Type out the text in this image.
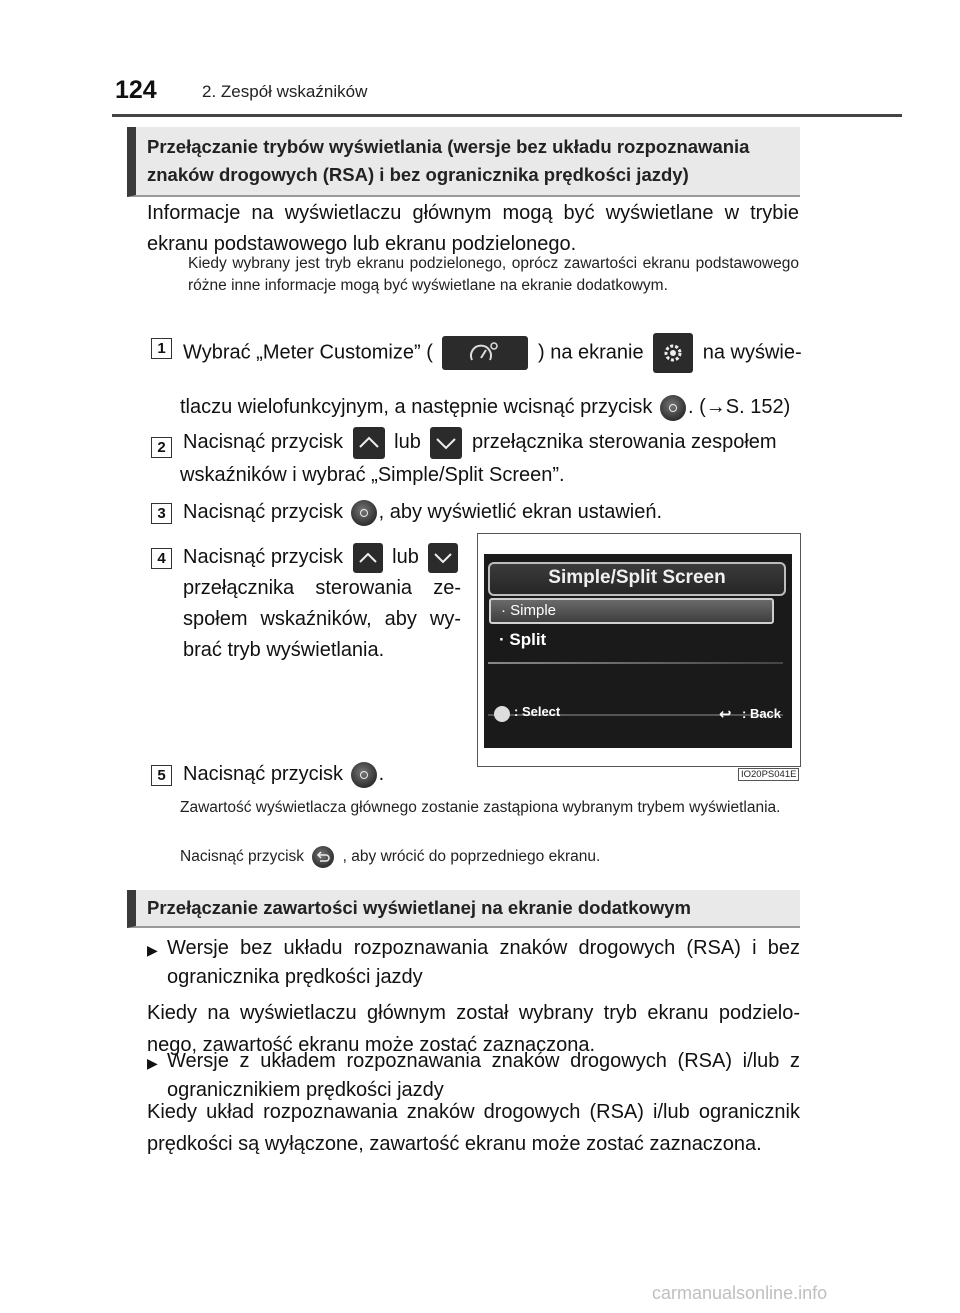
124	2. Zespół wskaźników
Przełączanie trybów wyświetlania (wersje bez układu rozpoznawania znaków drogowych (RSA) i bez ogranicznika prędkości jazdy)
Informacje na wyświetlaczu głównym mogą być wyświetlane w trybie ekranu podstawowego lub ekranu podzielonego.
Kiedy wybrany jest tryb ekranu podzielonego, oprócz zawartości ekranu podstawowego różne inne informacje mogą być wyświetlane na ekranie dodatkowym.
1 Wybrać „Meter Customize” (	) na ekranie	na wyświe-
tlaczu wielofunkcyjnym, a następnie wcisnąć przycisk . (→S. 152)
2 Nacisnąć przycisk	lub	przełącznika sterowania zespołem
wskaźników i wybrać „Simple/Split Screen”.
3 Nacisnąć przycisk , aby wyświetlić ekran ustawień.
4 Nacisnąć przycisk lub
przełącznika sterowania ze-
społem wskaźników, aby wy-
brać tryb wyświetlania.
Simple/Split Screen
· Simple
· Split
: Select	↩ : Back
IO20PS041E
5 Nacisnąć przycisk .
Zawartość wyświetlacza głównego zostanie zastąpiona wybranym trybem wyświetlania.
Nacisnąć przycisk , aby wrócić do poprzedniego ekranu.
Przełączanie zawartości wyświetlanej na ekranie dodatkowym
▶ Wersje bez układu rozpoznawania znaków drogowych (RSA) i bez ogranicznika prędkości jazdy
Kiedy na wyświetlaczu głównym został wybrany tryb ekranu podzielo-nego, zawartość ekranu może zostać zaznaczona.
▶ Wersje z układem rozpoznawania znaków drogowych (RSA) i/lub z ogranicznikiem prędkości jazdy
Kiedy układ rozpoznawania znaków drogowych (RSA) i/lub ogranicznik prędkości są wyłączone, zawartość ekranu może zostać zaznaczona.
carmanualsonline.info
